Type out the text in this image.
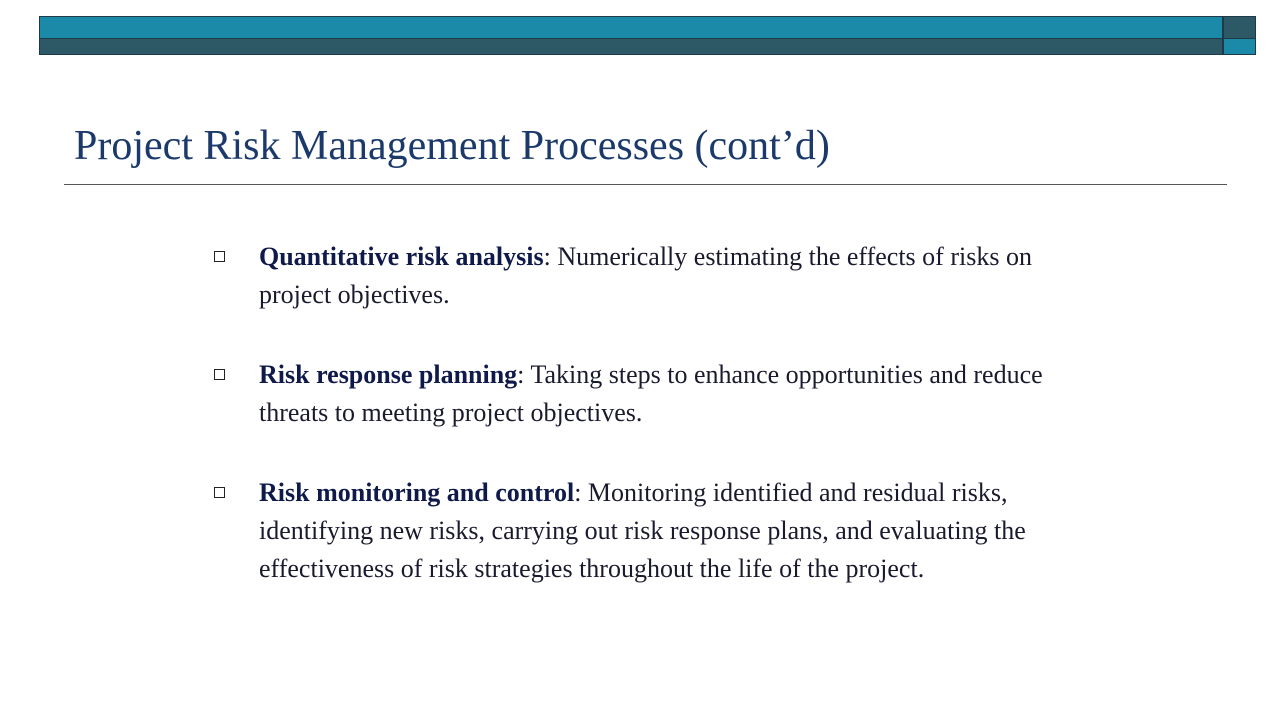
Project Risk Management Processes (cont’d)
Quantitative risk analysis: Numerically estimating the effects of risks on project objectives.
Risk response planning: Taking steps to enhance opportunities and reduce threats to meeting project objectives.
Risk monitoring and control: Monitoring identified and residual risks, identifying new risks, carrying out risk response plans, and evaluating the effectiveness of risk strategies throughout the life of the project.
